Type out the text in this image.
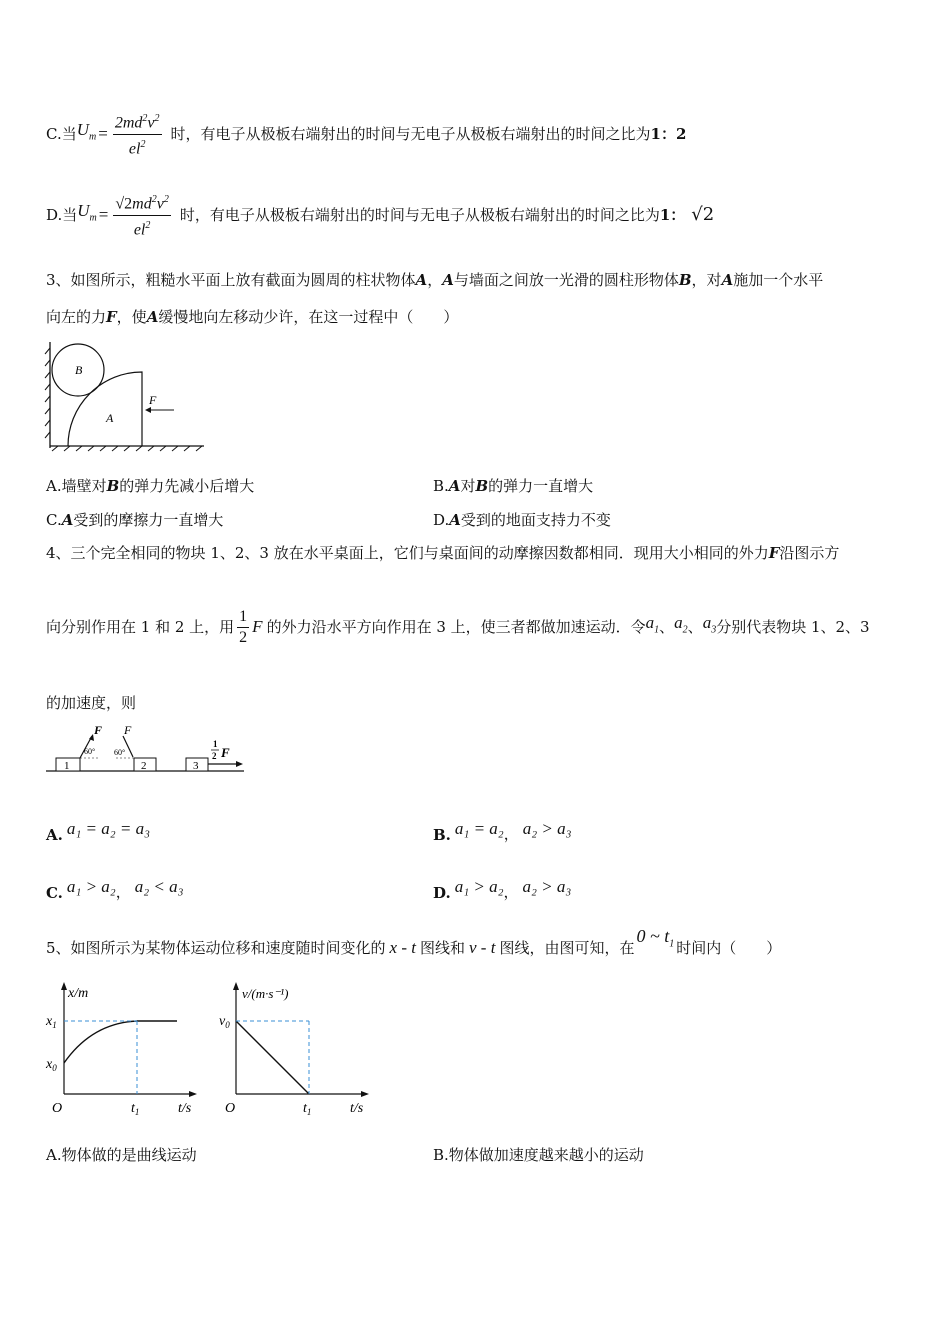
C.当 $U_m = \frac{2md^2v^2}{el^2}$ 时，有电子从极板右端射出的时间与无电子从极板右端射出的时间之比为 1：2
D.当 $U_m = \frac{√2md^2v^2}{el^2}$ 时，有电子从极板右端射出的时间与无电子从极板右端射出的时间之比为 1： √2
3、如图所示，粗糙水平面上放有截面为圆周的柱状物体A，A与墙面之间放一光滑的圆柱形物体B，对A施加一个水平
向左的力F，使A缓慢地向左移动少许，在这一过程中（　　）
B
A
F
A.墙壁对B的弹力先减小后增大	B.A对B的弹力一直增大
C.A受到的摩擦力一直增大	D.A受到的地面支持力不变
4、三个完全相同的物块 1、2、3 放在水平桌面上，它们与桌面间的动摩擦因数都相同．现用大小相同的外力F沿图示方
向分别作用在 1 和 2 上，用 $\frac{1}{2}$ F 的外力沿水平方向作用在 3 上，使三者都做加速运动．令 $a_1$ 、 $a_2$ 、 $a_3$ 分别代表物块 1、2、3
的加速度，则
1
F
60°
2
F
60°
3
1
2 F
A. a₁ = a₂ = a₃	B. a₁ = a₂ ， a₂ > a₃
C. a₁ > a₂ ， a₂ < a₃	D. a₁ > a₂ ， a₂ > a₃
5、如图所示为某物体运动位移和速度随时间变化的 x - t 图线和 v - t 图线，由图可知，在
0 ~ $t_1$ 时间内（　　）
x/m
$x_1$
$x_0$
O	$t_1$	t/s
v/(m·s⁻¹)
$v_0$
O	$t_1$	t/s
A.物体做的是曲线运动	B.物体做加速度越来越小的运动
